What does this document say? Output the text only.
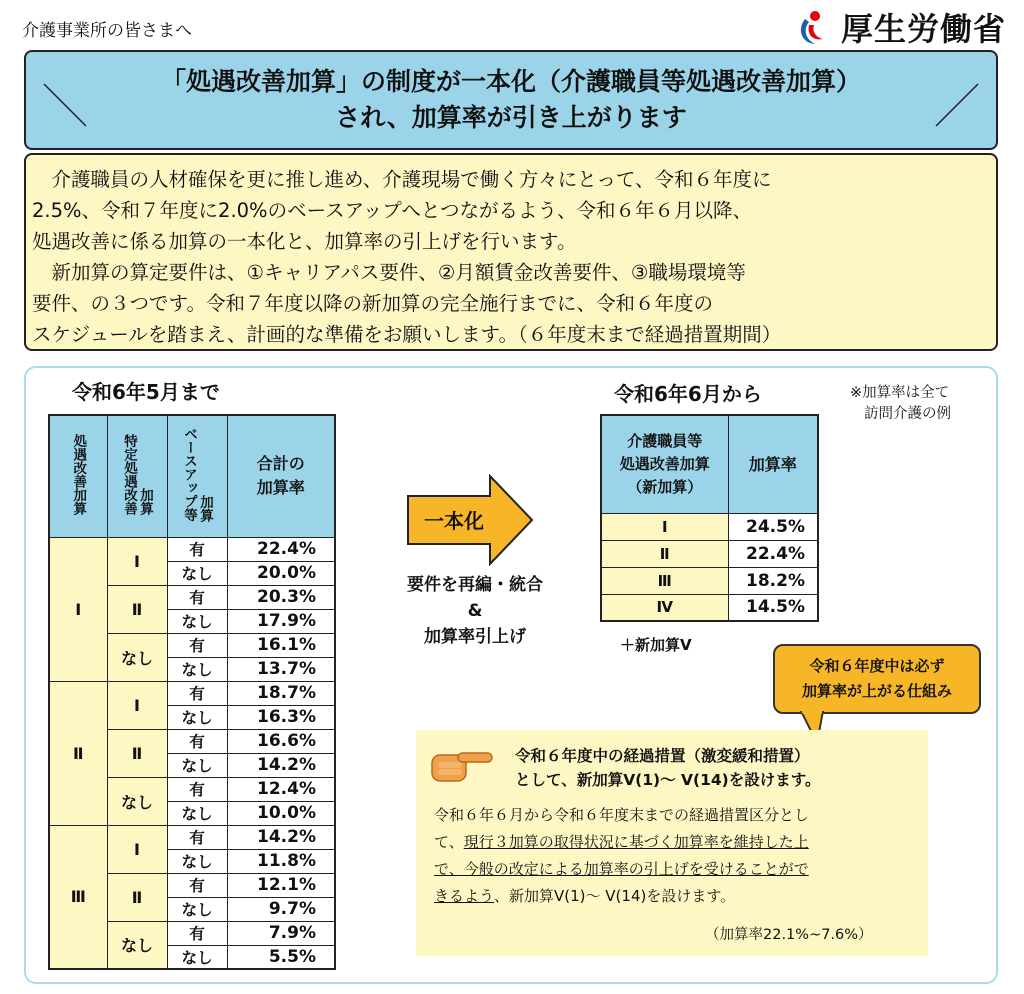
介護事業所の皆さまへ	厚生労働省
「処遇改善加算」の制度が一本化（介護職員等処遇改善加算）
され、加算率が引き上がります

　介護職員の人材確保を更に推し進め、介護現場で働く方々にとって、令和６年度に

2.5%、令和７年度に2.0%のベースアップへとつながるよう、令和６年６月以降、

処遇改善に係る加算の一本化と、加算率の引上げを行います。

　新加算の算定要件は、①キャリアパス要件、②月額賃金改善要件、③職場環境等

要件、の３つです。令和７年度以降の新加算の完全施行までに、令和６年度の

スケジュールを踏まえ、計画的な準備をお願いします。（６年度末まで経過措置期間）

令和6年5月まで
処遇改善加算	特定処遇改善加算	ベースアップ等加算	合計の
加算率
Ⅰ	Ⅰ	有	22.4%
		なし	20.0%
	Ⅱ	有	20.3%
		なし	17.9%
	なし	有	16.1%
		なし	13.7%
Ⅱ	Ⅰ	有	18.7%
		なし	16.3%
	Ⅱ	有	16.6%
		なし	14.2%
	なし	有	12.4%
		なし	10.0%
Ⅲ	Ⅰ	有	14.2%
		なし	11.8%
	Ⅱ	有	12.1%
		なし	9.7%
	なし	有	7.9%
		なし	5.5%
一本化
要件を再編・統合
&
加算率引上げ
令和6年6月から	※加算率は全て
訪問介護の例
介護職員等
処遇改善加算
（新加算）	加算率
Ⅰ	24.5%
Ⅱ	22.4%
Ⅲ	18.2%
Ⅳ	14.5%
＋新加算Ⅴ
令和６年度中は必ず
加算率が上がる仕組み
令和６年度中の経過措置（激変緩和措置）
として、新加算Ⅴ(1)～ Ⅴ(14)を設けます。
令和６年６月から令和６年度末までの経過措置区分とし
て、現行３加算の取得状況に基づく加算率を維持した上
で、今般の改定による加算率の引上げを受けることがで
きるよう、新加算Ⅴ(1)～ Ⅴ(14)を設けます。
（加算率22.1%~7.6%）
